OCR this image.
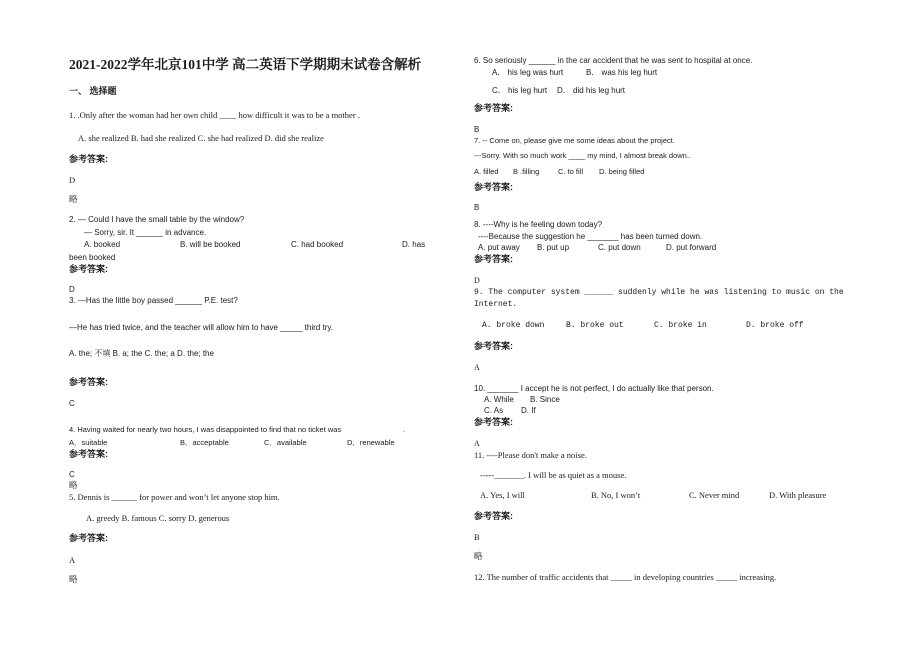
2021-2022学年北京101中学 高二英语下学期期末试卷含解析
一、 选择题
1. .Only after the woman had her own child ____ how difficult it was to be a mother .
A. she realized B. had she realized C. she had realized D. did she realize
参考答案:
D
略
2. — Could I have the small table by the window?
— Sorry, sir. It ______ in advance.
A. booked	B. will be booked	C. had booked	D. has
been booked
参考答案:
D
3. —Has the little boy passed ______ P.E. test?
—He has tried twice, and the teacher will allow him to have _____ third try.
A. the; 不填 B. a; the C. the; a D. the; the
参考答案:
C
4. Having waited for nearly two hours, I was disappointed to find that no ticket was	.
A．suitable	B．acceptable	C．available	D．renewable
参考答案:
C
略
5. Dennis is ______ for power and won’t let anyone stop him.
A. greedy B. famous C. sorry D. generous
参考答案:
A
略
6. So seriously ______ in the car accident that he was sent to hospital at once.
A． his leg was hurt	B． was his leg hurt
C． his leg hurt D． did his leg hurt
参考答案:
B
7. -- Come on, please give me some ideas about the project.
---Sorry. With so much work ____ my mind, I almost break down..
A. filled B .filling C. to fill D. being filled
参考答案:
B
8. ----Why is he feeling down today?
----Because the suggestion he _______ has been turned down.
A. put away B. put up	C. put down	D. put forward
参考答案:
D
9. The computer system ______ suddenly while he was listening to music on the
Internet.
A. broke down	B. broke out	C. broke in	D. broke off
参考答案:
A
10. _______ I accept he is not perfect, I do actually like that person.
A. While B. Since
C. As D. If
参考答案:
A
11. ----Please don't make a noise.
-----_______. I will be as quiet as a mouse.
A. Yes, I will	B. No, I won’t	C. Never mind	D. With pleasure
参考答案:
B
略
12. The number of traffic accidents that _____ in developing countries _____ increasing.
